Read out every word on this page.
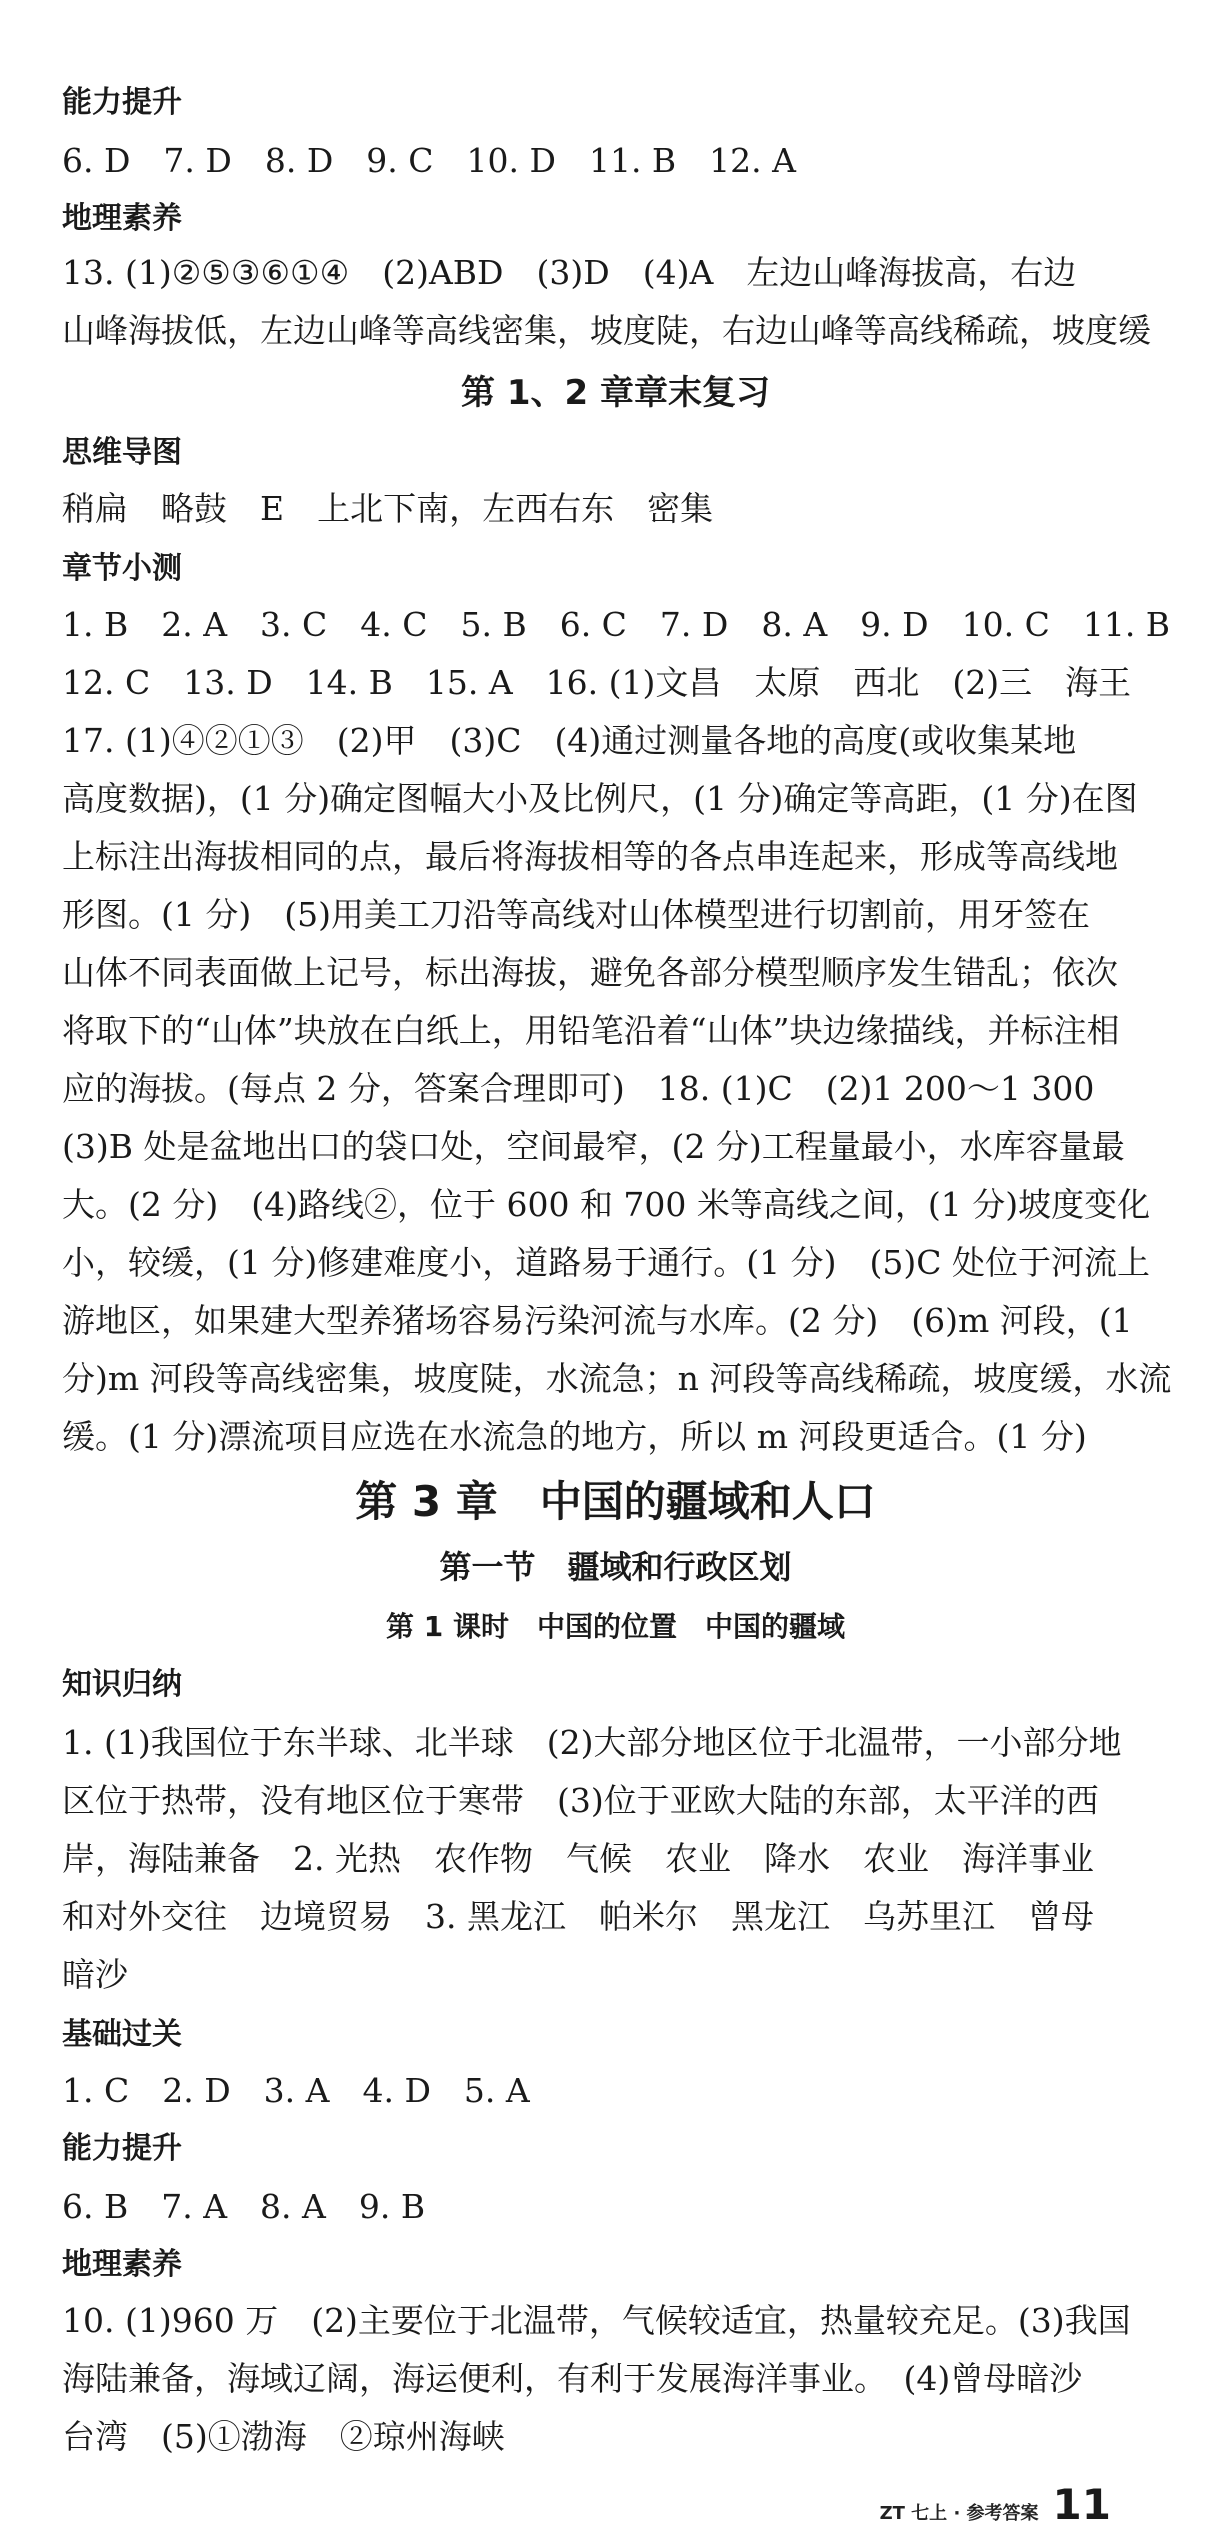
能力提升
6. D　7. D　8. D　9. C　10. D　11. B　12. A
地理素养
13. (1)②⑤③⑥①④　(2)ABD　(3)D　(4)A　左边山峰海拔高，右边
山峰海拔低，左边山峰等高线密集，坡度陡，右边山峰等高线稀疏，坡度缓
第 1、2 章章末复习
思维导图
稍扁　略鼓　E　上北下南，左西右东　密集
章节小测
1. B　2. A　3. C　4. C　5. B　6. C　7. D　8. A　9. D　10. C　11. B
12. C　13. D　14. B　15. A　16. (1)文昌　太原　西北　(2)三　海王
17. (1)④②①③　(2)甲　(3)C　(4)通过测量各地的高度(或收集某地
高度数据)，(1 分)确定图幅大小及比例尺，(1 分)确定等高距，(1 分)在图
上标注出海拔相同的点，最后将海拔相等的各点串连起来，形成等高线地
形图。(1 分)　(5)用美工刀沿等高线对山体模型进行切割前，用牙签在
山体不同表面做上记号，标出海拔，避免各部分模型顺序发生错乱；依次
将取下的“山体”块放在白纸上，用铅笔沿着“山体”块边缘描线，并标注相
应的海拔。(每点 2 分，答案合理即可)　18. (1)C　(2)1 200～1 300
(3)B 处是盆地出口的袋口处，空间最窄，(2 分)工程量最小，水库容量最
大。(2 分)　(4)路线②，位于 600 和 700 米等高线之间，(1 分)坡度变化
小，较缓，(1 分)修建难度小，道路易于通行。(1 分)　(5)C 处位于河流上
游地区，如果建大型养猪场容易污染河流与水库。(2 分)　(6)m 河段，(1
分)m 河段等高线密集，坡度陡，水流急；n 河段等高线稀疏，坡度缓，水流
缓。(1 分)漂流项目应选在水流急的地方，所以 m 河段更适合。(1 分)
第 3 章　中国的疆域和人口
第一节　疆域和行政区划
第 1 课时　中国的位置　中国的疆域
知识归纳
1. (1)我国位于东半球、北半球　(2)大部分地区位于北温带，一小部分地
区位于热带，没有地区位于寒带　(3)位于亚欧大陆的东部，太平洋的西
岸，海陆兼备　2. 光热　农作物　气候　农业　降水　农业　海洋事业
和对外交往　边境贸易　3. 黑龙江　帕米尔　黑龙江　乌苏里江　曾母
暗沙
基础过关
1. C　2. D　3. A　4. D　5. A
能力提升
6. B　7. A　8. A　9. B
地理素养
10. (1)960 万　(2)主要位于北温带，气候较适宜，热量较充足。(3)我国
海陆兼备，海域辽阔，海运便利，有利于发展海洋事业。　(4)曾母暗沙
台湾　(5)①渤海　②琼州海峡
ZT 七上 · 参考答案 11
